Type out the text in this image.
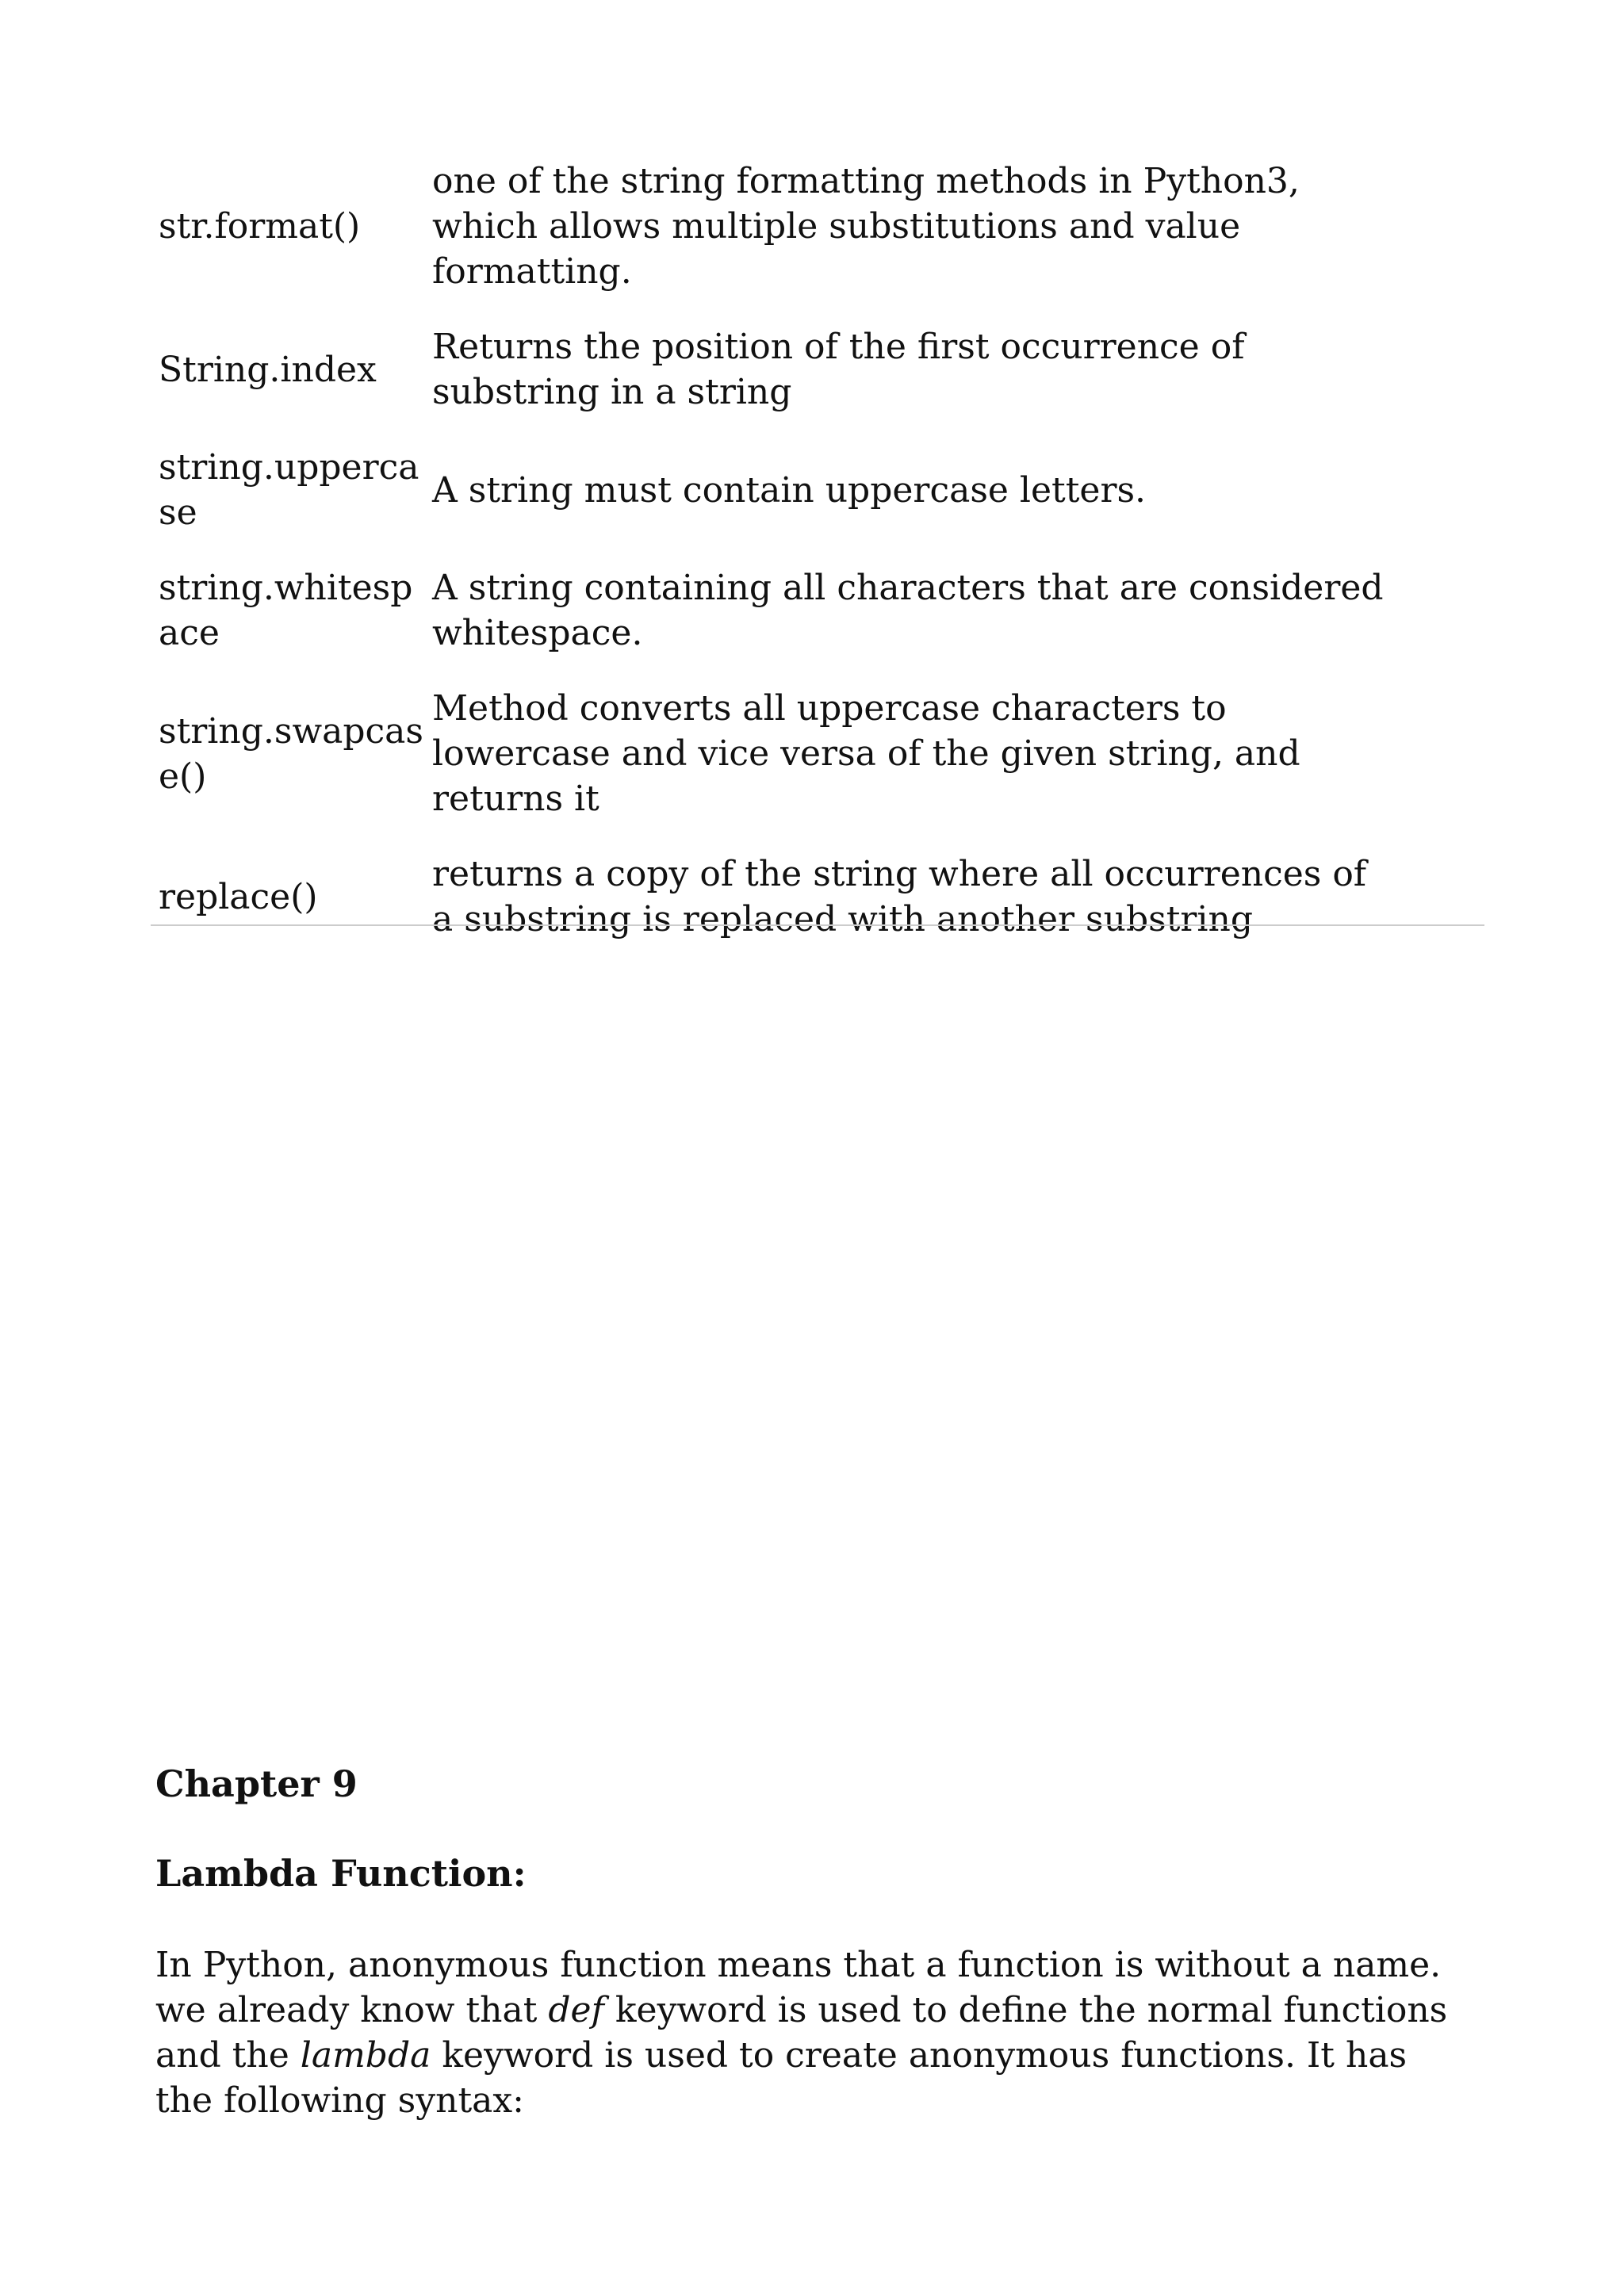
str.format()
one of the string formatting methods in Python3, which allows multiple substitutions and value formatting.
String.index
Returns the position of the first occurrence of substring in a string
string.uppercase
A string must contain uppercase letters.
string.whitespace
A string containing all characters that are considered whitespace.
string.swapcase()
Method converts all uppercase characters to lowercase and vice versa of the given string, and returns it
replace()
returns a copy of the string where all occurrences of a substring is replaced with another substring
Chapter 9
Lambda Function:

In Python, anonymous function means that a function is without a name. we already know that def keyword is used to define the normal functions and the lambda keyword is used to create anonymous functions. It has the following syntax:
